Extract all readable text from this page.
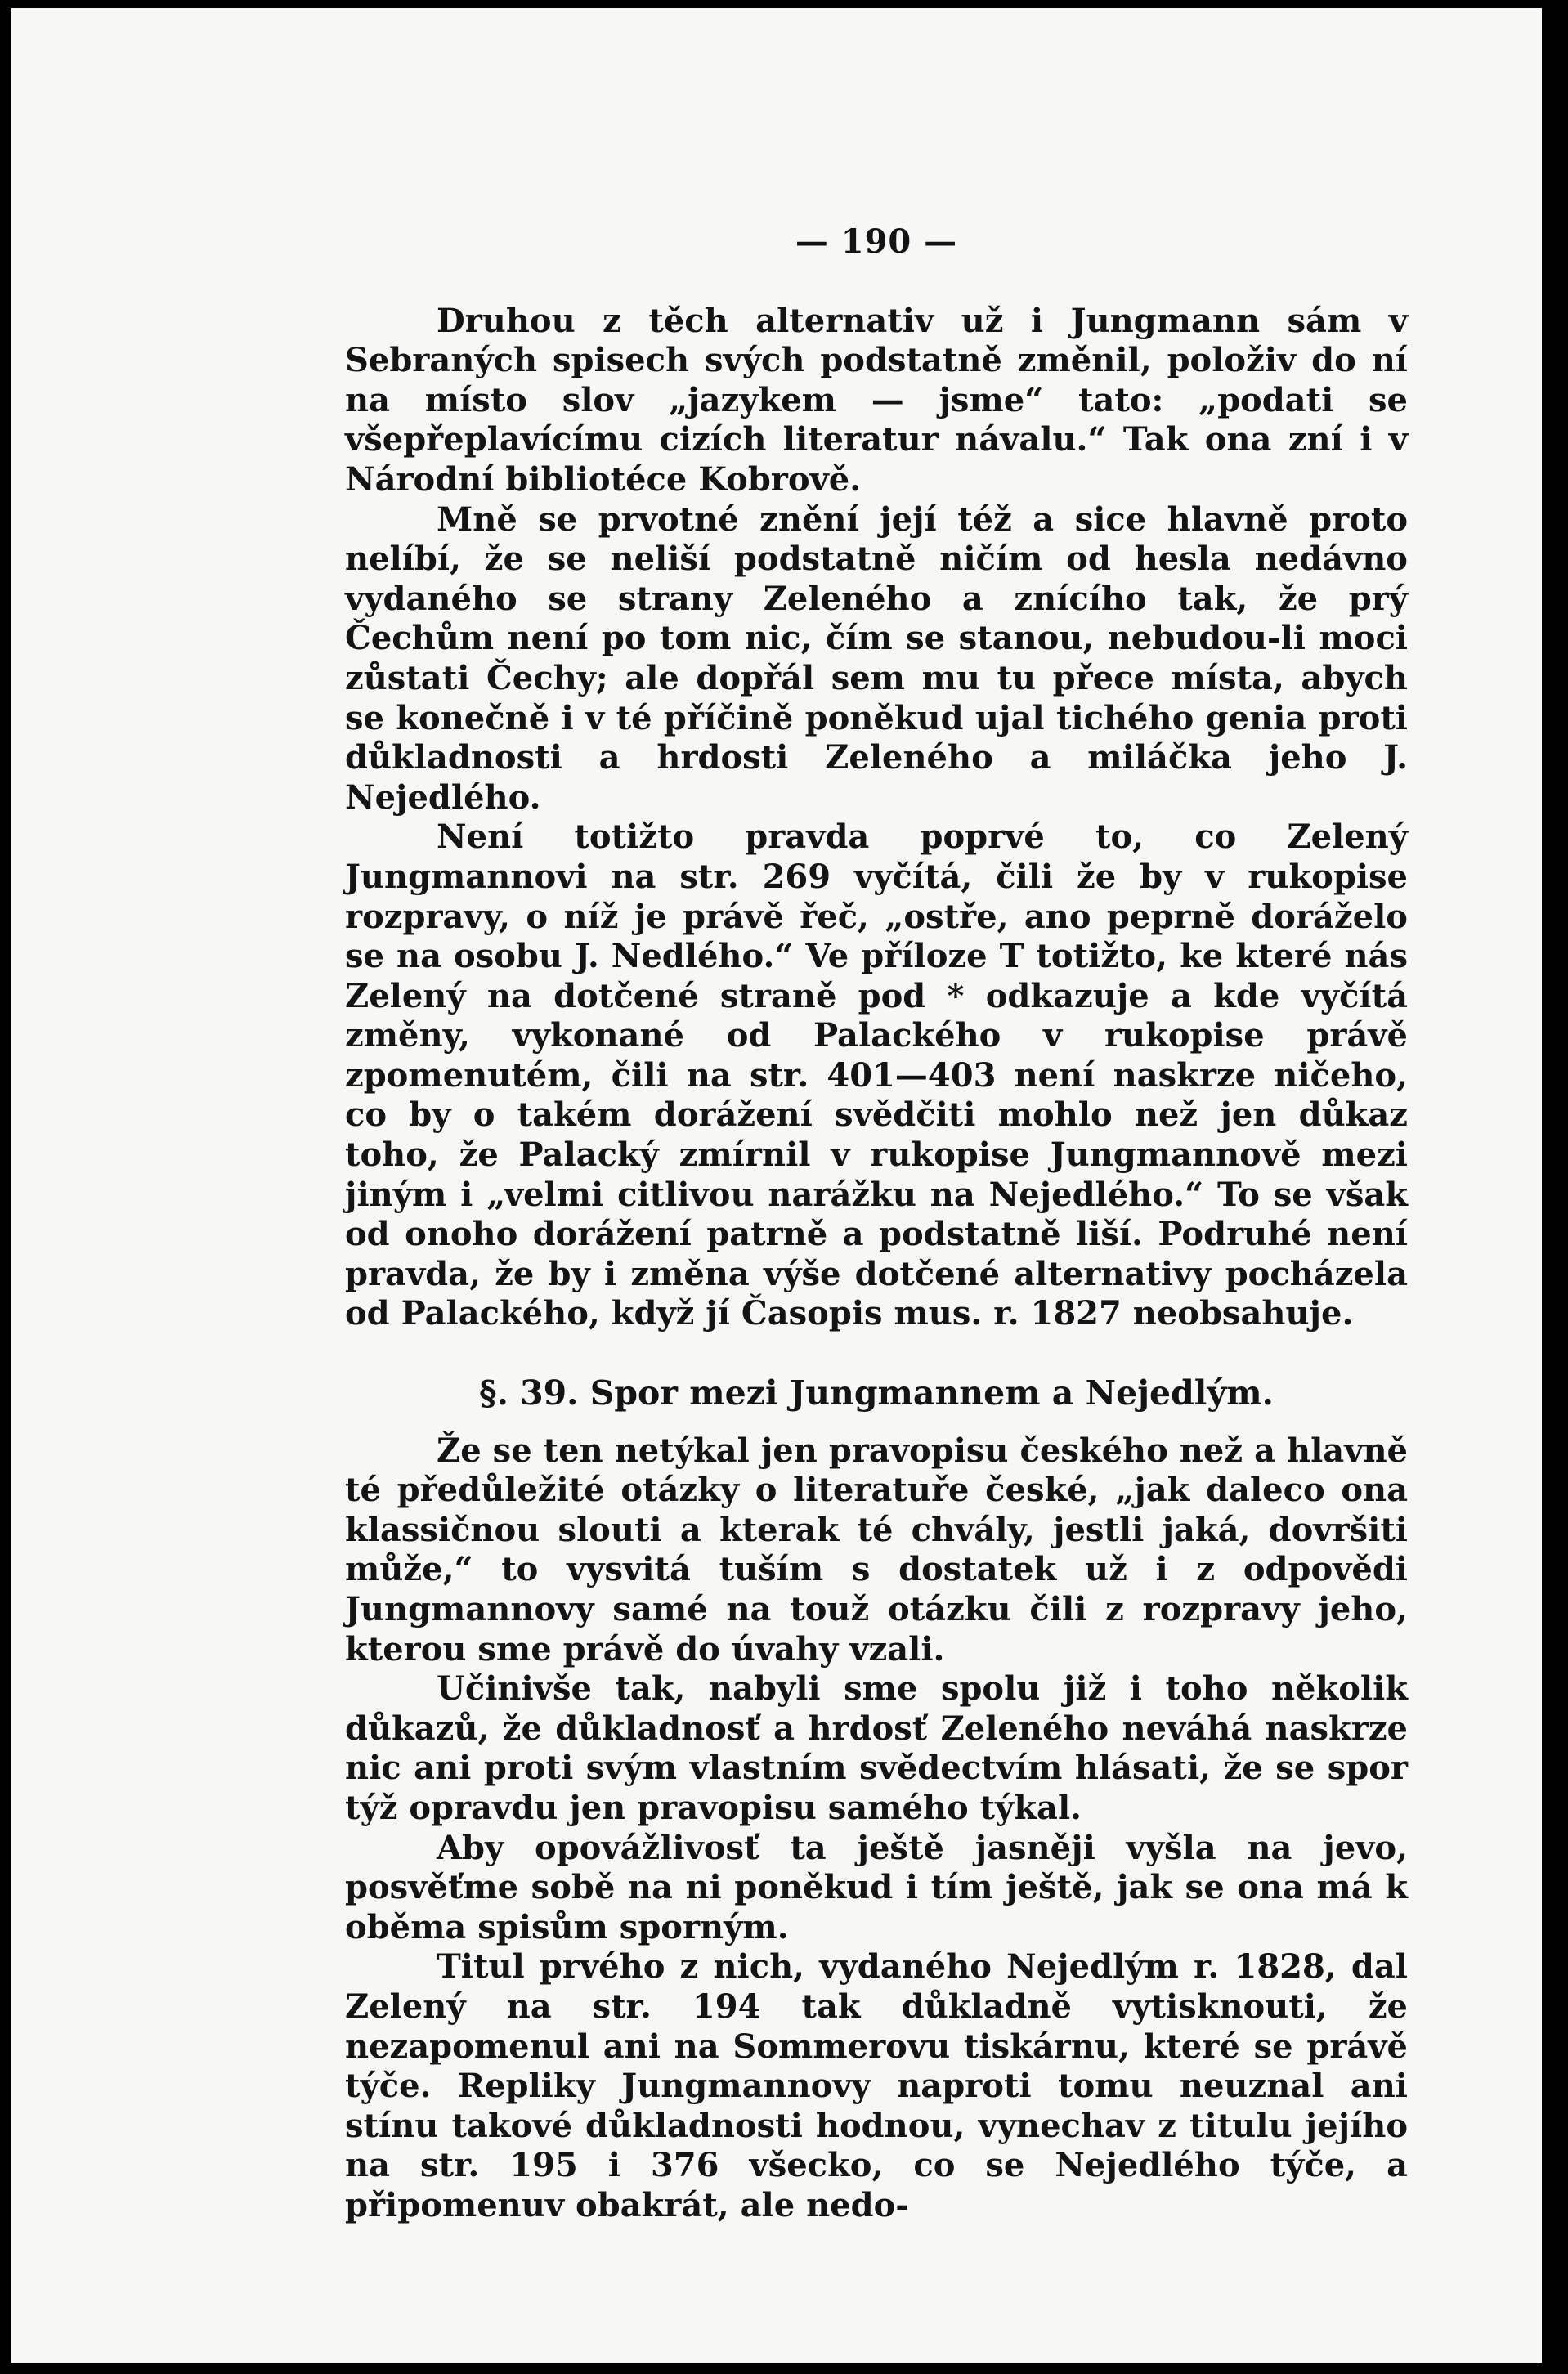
— 190 —

Druhou z těch alternativ už i Jungmann sám v Sebraných spisech svých podstatně změnil, položiv do ní na místo slov „jazykem — jsme“ tato: „podati se všepřeplavícímu cizích literatur návalu.“ Tak ona zní i v Národní bibliotéce Kobrově.

Mně se prvotné znění její též a sice hlavně proto nelíbí, že se neliší podstatně ničím od hesla nedávno vydaného se strany Zeleného a znícího tak, že prý Čechům není po tom nic, čím se stanou, nebudou-li moci zůstati Čechy; ale dopřál sem mu tu přece místa, abych se konečně i v té příčině poněkud ujal tichého genia proti důkladnosti a hrdosti Zeleného a miláčka jeho J. Nejedlého.

Není totižto pravda poprvé to, co Zelený Jungmannovi na str. 269 vyčítá, čili že by v rukopise rozpravy, o níž je právě řeč, „ostře, ano peprně doráželo se na osobu J. Nedlého.“ Ve příloze T totižto, ke které nás Zelený na dotčené straně pod * odkazuje a kde vyčítá změny, vykonané od Palackého v rukopise právě zpomenutém, čili na str. 401—403 není naskrze ničeho, co by o takém dorážení svědčiti mohlo než jen důkaz toho, že Palacký zmírnil v rukopise Jungmannově mezi jiným i „velmi citlivou narážku na Nejedlého.“ To se však od onoho dorážení patrně a podstatně liší. Podruhé není pravda, že by i změna výše dotčené alternativy pocházela od Palackého, když jí Časopis mus. r. 1827 neobsahuje.

§. 39. Spor mezi Jungmannem a Nejedlým.

Že se ten netýkal jen pravopisu českého než a hlavně té předůležité otázky o literatuře české, „jak daleco ona klassičnou slouti a kterak té chvály, jestli jaká, dovršiti může,“ to vysvitá tuším s dostatek už i z odpovědi Jungmannovy samé na touž otázku čili z rozpravy jeho, kterou sme právě do úvahy vzali.

Učinivše tak, nabyli sme spolu již i toho několik důkazů, že důkladnosť a hrdosť Zeleného neváhá naskrze nic ani proti svým vlastním svědectvím hlásati, že se spor týž opravdu jen pravopisu samého týkal.

Aby opovážlivosť ta ještě jasněji vyšla na jevo, posvěťme sobě na ni poněkud i tím ještě, jak se ona má k oběma spisům sporným.

Titul prvého z nich, vydaného Nejedlým r. 1828, dal Zelený na str. 194 tak důkladně vytisknouti, že nezapomenul ani na Sommerovu tiskárnu, které se právě týče. Repliky Jungmannovy naproti tomu neuznal ani stínu takové důkladnosti hodnou, vynechav z titulu jejího na str. 195 i 376 všecko, co se Nejedlého týče, a připomenuv obakrát, ale nedo-
